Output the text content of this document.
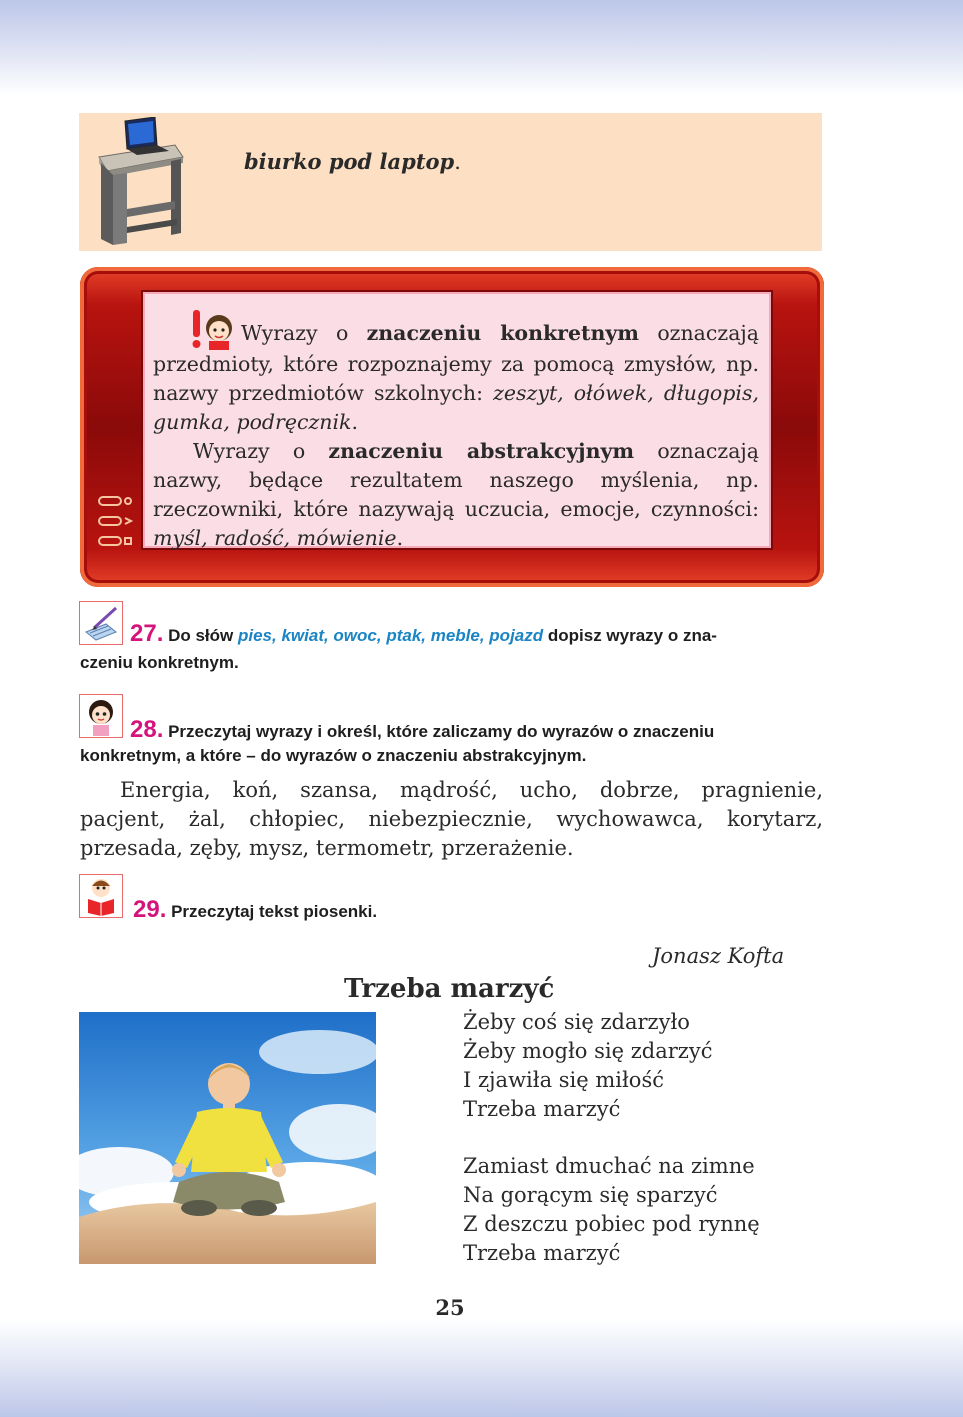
biurko pod laptop.

Wyrazy o znaczeniu konkretnym oznaczają przedmioty, które rozpoznajemy za pomocą zmysłów, np. nazwy przedmiotów szkolnych: zeszyt, ołówek, długopis, gumka, podręcznik.

Wyrazy o znaczeniu abstrakcyjnym oznaczają nazwy, będące rezultatem naszego myślenia, np. rzeczowniki, które nazywają uczucia, emocje, czynności: myśl, radość, mówienie.

27. Do słów pies, kwiat, owoc, ptak, meble, pojazd dopisz wyrazy o zna-
czeniu konkretnym.
28. Przeczytaj wyrazy i określ, które zaliczamy do wyrazów o znaczeniu
konkretnym, a które – do wyrazów o znaczeniu abstrakcyjnym.

Energia, koń, szansa, mądrość, ucho, dobrze, pragnienie, pacjent, żal, chłopiec, niebezpiecznie, wychowawca, korytarz, przesada, zęby, mysz, termometr, przerażenie.

29. Przeczytaj tekst piosenki.
Jonasz Kofta
Trzeba marzyć
Żeby coś się zdarzyło
Żeby mogło się zdarzyć
I zjawiła się miłość
Trzeba marzyć
Zamiast dmuchać na zimne
Na gorącym się sparzyć
Z deszczu pobiec pod rynnę
Trzeba marzyć
25
